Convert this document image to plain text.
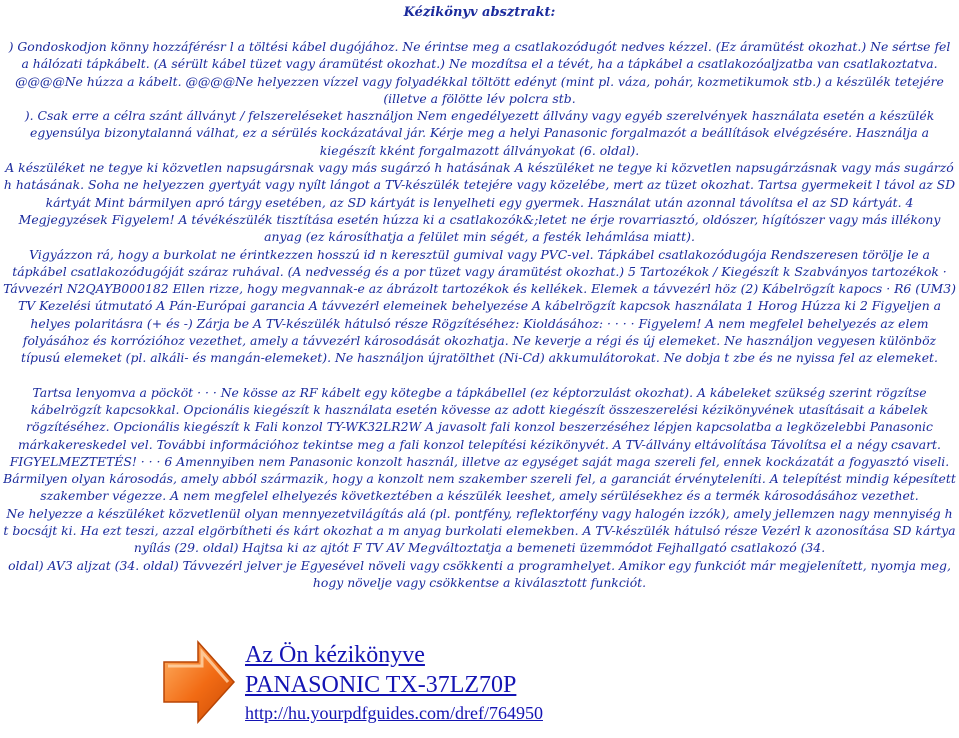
Kézikönyv absztrakt:

) Gondoskodjon könny hozzáférésr l a töltési kábel dugójához. Ne érintse meg a csatlakozódugót nedves kézzel. (Ez áramütést okozhat.) Ne sértse fel a hálózati tápkábelt. (A sérült kábel tüzet vagy áramütést okozhat.) Ne mozdítsa el a tévét, ha a tápkábel a csatlakozóaljzatba van csatlakoztatva. @@@@Ne húzza a kábelt. @@@@Ne helyezzen vízzel vagy folyadékkal töltött edényt (mint pl. váza, pohár, kozmetikumok stb.) a készülék tetejére (illetve a fölötte lév polcra stb.

). Csak erre a célra szánt állványt / felszereléseket használjon Nem engedélyezett állvány vagy egyéb szerelvények használata esetén a készülék egyensúlya bizonytalanná válhat, ez a sérülés kockázatával jár. Kérje meg a helyi Panasonic forgalmazót a beállítások elvégzésére. Használja a kiegészít kként forgalmazott állványokat (6. oldal).

A készüléket ne tegye ki közvetlen napsugársnak vagy más sugárzó h hatásának A készüléket ne tegye ki közvetlen napsugárzásnak vagy más sugárzó h hatásának. Soha ne helyezzen gyertyát vagy nyílt lángot a TV-készülék tetejére vagy közelébe, mert az tüzet okozhat. Tartsa gyermekeit l távol az SD kártyát Mint bármilyen apró tárgy esetében, az SD kártyát is lenyelheti egy gyermek. Használat után azonnal távolítsa el az SD kártyát. 4 Megjegyzések Figyelem! A tévékészülék tisztítása esetén húzza ki a csatlakozók&;letet ne érje rovarriasztó, oldószer, hígítószer vagy más illékony anyag (ez károsíthatja a felület min ségét, a festék lehámlása miatt).

Vigyázzon rá, hogy a burkolat ne érintkezzen hosszú id n keresztül gumival vagy PVC-vel. Tápkábel csatlakozódugója Rendszeresen törölje le a tápkábel csatlakozódugóját száraz ruhával. (A nedvesség és a por tüzet vagy áramütést okozhat.) 5 Tartozékok / Kiegészít k Szabványos tartozékok · Távvezérl N2QAYB000182 Ellen rizze, hogy megvannak-e az ábrázolt tartozékok és kellékek. Elemek a távvezérl höz (2) Kábelrögzít kapocs · R6 (UM3) TV Kezelési útmutató A Pán-Európai garancia A távvezérl elemeinek behelyezése A kábelrögzít kapcsok használata 1 Horog Húzza ki 2 Figyeljen a helyes polaritásra (+ és -) Zárja be A TV-készülék hátulsó része Rögzítéséhez: Kioldásához: · · · · Figyelem! A nem megfelel behelyezés az elem folyásához és korrózióhoz vezethet, amely a távvezérl károsodását okozhatja. Ne keverje a régi és új elemeket. Ne használjon vegyesen különböz típusú elemeket (pl. alkáli- és mangán-elemeket). Ne használjon újratölthet (Ni-Cd) akkumulátorokat. Ne dobja t zbe és ne nyissa fel az elemeket.

Tartsa lenyomva a pöcköt · · · Ne kösse az RF kábelt egy kötegbe a tápkábellel (ez képtorzulást okozhat). A kábeleket szükség szerint rögzítse kábelrögzít kapcsokkal. Opcionális kiegészít k használata esetén kövesse az adott kiegészít összeszerelési kézikönyvének utasításait a kábelek rögzítéséhez. Opcionális kiegészít k Fali konzol TY-WK32LR2W A javasolt fali konzol beszerzéséhez lépjen kapcsolatba a legközelebbi Panasonic márkakereskedel vel. További információhoz tekintse meg a fali konzol telepítési kézikönyvét. A TV-állvány eltávolítása Távolítsa el a négy csavart. FIGYELMEZTETÉS! · · · 6 Amennyiben nem Panasonic konzolt használ, illetve az egységet saját maga szereli fel, ennek kockázatát a fogyasztó viseli. Bármilyen olyan károsodás, amely abból származik, hogy a konzolt nem szakember szereli fel, a garanciát érvényteleníti. A telepítést mindig képesített szakember végezze. A nem megfelel elhelyezés következtében a készülék leeshet, amely sérülésekhez és a termék károsodásához vezethet.

Ne helyezze a készüléket közvetlenül olyan mennyezetvilágítás alá (pl. pontfény, reflektorfény vagy halogén izzók), amely jellemzen nagy mennyiség h t bocsájt ki. Ha ezt teszi, azzal elgörbítheti és kárt okozhat a m anyag burkolati elemekben. A TV-készülék hátulsó része Vezérl k azonosítása SD kártya nyílás (29. oldal) Hajtsa ki az ajtót F TV AV Megváltoztatja a bemeneti üzemmódot Fejhallgató csatlakozó (34.

oldal) AV3 aljzat (34. oldal) Távvezérl jelver je Egyesével növeli vagy csökkenti a programhelyet. Amikor egy funkciót már megjelenített, nyomja meg, hogy növelje vagy csökkentse a kiválasztott funkciót.

Az Ön kézikönyve
PANASONIC TX-37LZ70P
http://hu.yourpdfguides.com/dref/764950
